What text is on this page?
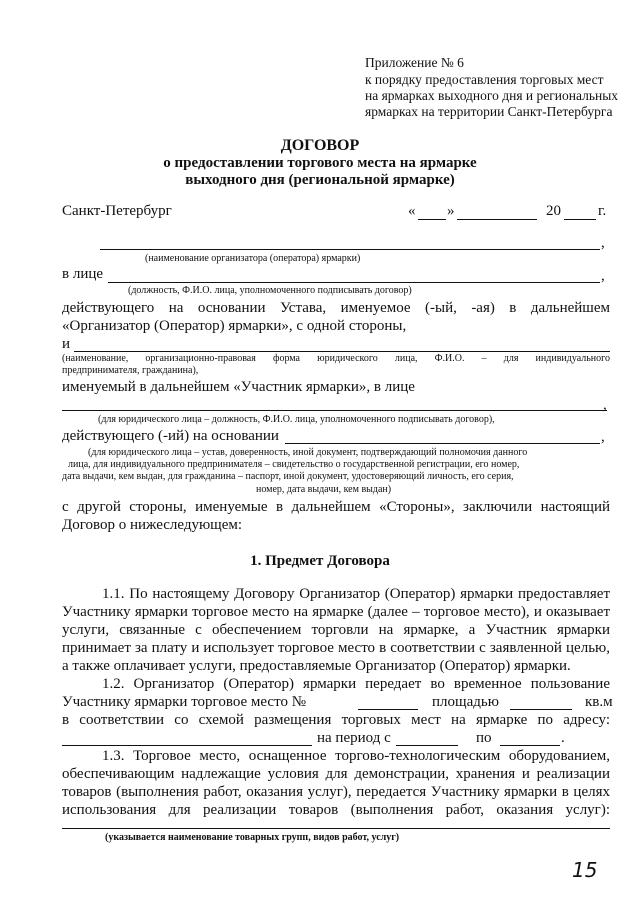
Приложение № 6
к порядку предоставления торговых мест
на ярмарках выходного дня и региональных
ярмарках на территории Санкт-Петербурга
ДОГОВОР
о предоставлении торгового места на ярмарке
выходного дня (региональной ярмарке)
Санкт-Петербург	« »	20 г.
,
(наименование организатора (оператора) ярмарки)
в лице	,
(должность, Ф.И.О. лица, уполномоченного подписывать договор)
действующего на основании Устава, именуемое (-ый, -ая) в дальнейшем
«Организатор (Оператор) ярмарки», с одной стороны,
и
(наименование, организационно-правовая форма юридического лица, Ф.И.О. – для индивидуального
предпринимателя, гражданина),
именуемый в дальнейшем «Участник ярмарки», в лице
,
(для юридического лица – должность, Ф.И.О. лица, уполномоченного подписывать договор),
действующего (-ий) на основании	,
(для юридического лица – устав, доверенность, иной документ, подтверждающий полномочия данного
лица, для индивидуального предпринимателя – свидетельство о государственной регистрации, его номер,
дата выдачи, кем выдан, для гражданина – паспорт, иной документ, удостоверяющий личность, его серия,
номер, дата выдачи, кем выдан)
с другой стороны, именуемые в дальнейшем «Стороны», заключили настоящий
Договор о нижеследующем:
1. Предмет Договора
1.1. По настоящему Договору Организатор (Оператор) ярмарки предоставляет
Участнику ярмарки торговое место на ярмарке (далее – торговое место), и оказывает
услуги, связанные с обеспечением торговли на ярмарке, а Участник ярмарки
принимает за плату и использует торговое место в соответствии с заявленной целью,
а также оплачивает услуги, предоставляемые Организатор (Оператор) ярмарки.
1.2. Организатор (Оператор) ярмарки передает во временное пользование
Участнику ярмарки торговое место №	площадью	кв.м
в соответствии со схемой размещения торговых мест на ярмарке по адресу:
на период с	по	.
1.3. Торговое место, оснащенное торгово-технологическим оборудованием,
обеспечивающим надлежащие условия для демонстрации, хранения и реализации
товаров (выполнения работ, оказания услуг), передается Участнику ярмарки в целях
использования для реализации товаров (выполнения работ, оказания услуг):
(указывается наименование товарных групп, видов работ, услуг)
15
